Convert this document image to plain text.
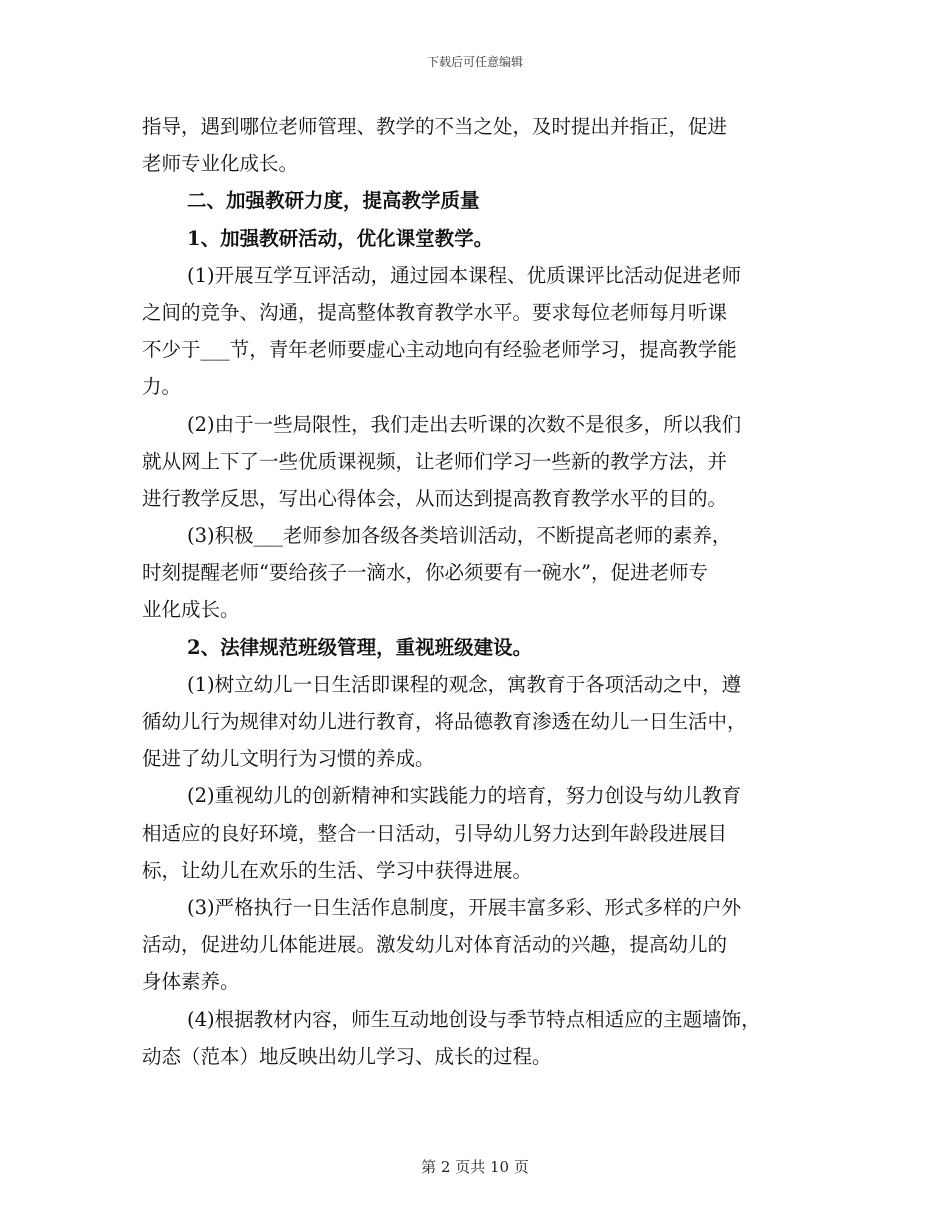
下载后可任意编辑
指导，遇到哪位老师管理、教学的不当之处，及时提出并指正，促进
老师专业化成长。
二、加强教研力度，提高教学质量
1、加强教研活动，优化课堂教学。
(1)开展互学互评活动，通过园本课程、优质课评比活动促进老师
之间的竞争、沟通，提高整体教育教学水平。要求每位老师每月听课
不少于___节，青年老师要虚心主动地向有经验老师学习，提高教学能
力。
(2)由于一些局限性，我们走出去听课的次数不是很多，所以我们
就从网上下了一些优质课视频，让老师们学习一些新的教学方法，并
进行教学反思，写出心得体会，从而达到提高教育教学水平的目的。
(3)积极___老师参加各级各类培训活动，不断提高老师的素养，
时刻提醒老师“要给孩子一滴水，你必须要有一碗水”，促进老师专
业化成长。
2、法律规范班级管理，重视班级建设。
(1)树立幼儿一日生活即课程的观念，寓教育于各项活动之中，遵
循幼儿行为规律对幼儿进行教育，将品德教育渗透在幼儿一日生活中，
促进了幼儿文明行为习惯的养成。
(2)重视幼儿的创新精神和实践能力的培育，努力创设与幼儿教育
相适应的良好环境，整合一日活动，引导幼儿努力达到年龄段进展目
标，让幼儿在欢乐的生活、学习中获得进展。
(3)严格执行一日生活作息制度，开展丰富多彩、形式多样的户外
活动，促进幼儿体能进展。激发幼儿对体育活动的兴趣，提高幼儿的
身体素养。
(4)根据教材内容，师生互动地创设与季节特点相适应的主题墙饰，
动态（范本）地反映出幼儿学习、成长的过程。
第 2 页共 10 页
